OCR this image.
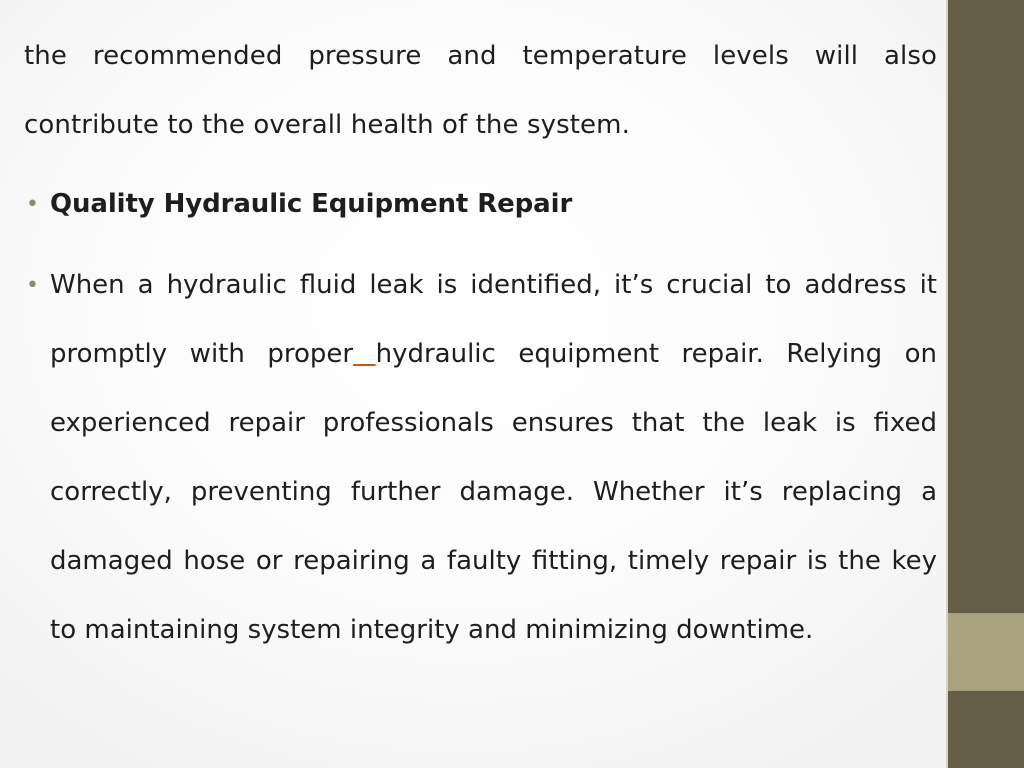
the recommended pressure and temperature levels will also contribute to the overall health of the system.

• Quality Hydraulic Equipment Repair

• When a hydraulic fluid leak is identified, it’s crucial to address it promptly with proper hydraulic equipment repair. Relying on experienced repair professionals ensures that the leak is fixed correctly, preventing further damage. Whether it’s replacing a damaged hose or repairing a faulty fitting, timely repair is the key to maintaining system integrity and minimizing downtime.
